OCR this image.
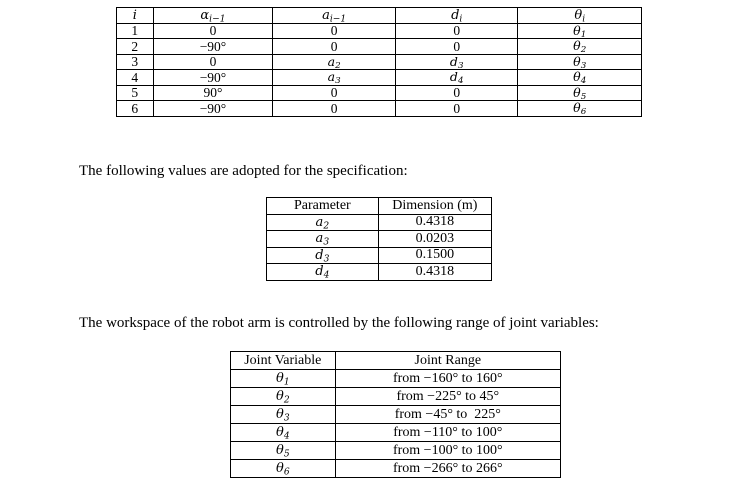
i	$\alpha_{i-1}$	$a_{i-1}$	$d_i$	$\theta_i$
1	0	0	0	$\theta_1$
2	−90°	0	0	$\theta_2$
3	0	$a_2$	$d_3$	$\theta_3$
4	−90°	$a_3$	$d_4$	$\theta_4$
5	90°	0	0	$\theta_5$
6	−90°	0	0	$\theta_6$
The following values are adopted for the specification:
Parameter	Dimension (m)
$a_2$	0.4318
$a_3$	0.0203
$d_3$	0.1500
$d_4$	0.4318
The workspace of the robot arm is controlled by the following range of joint variables:
Joint Variable	Joint Range
$\theta_1$	from −160° to 160°
$\theta_2$	from −225° to 45°
$\theta_3$	from −45° to  225°
$\theta_4$	from −110° to 100°
$\theta_5$	from −100° to 100°
$\theta_6$	from −266° to 266°
